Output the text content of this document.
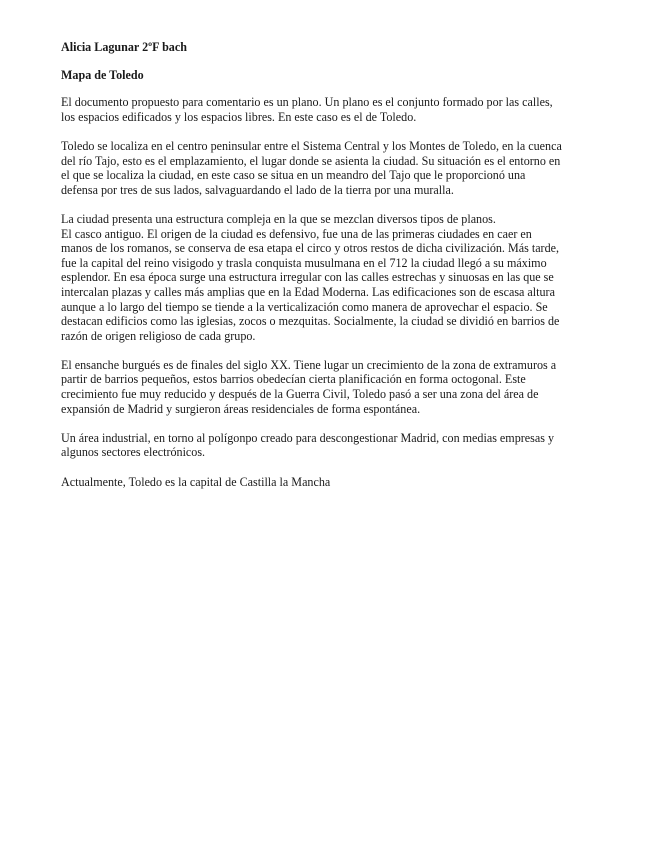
Alicia Lagunar 2ºF bach
Mapa de Toledo
El documento propuesto para comentario es un plano. Un plano es el conjunto formado por las calles,
los espacios edificados y los espacios libres. En este caso es el de Toledo.
Toledo se localiza en el centro peninsular entre el Sistema Central y los Montes de Toledo, en la cuenca
del río Tajo, esto es el emplazamiento, el lugar donde se asienta la ciudad. Su situación es el entorno en
el que se localiza la ciudad, en este caso se situa en un meandro del Tajo que le proporcionó una
defensa por tres de sus lados, salvaguardando el lado de la tierra por una muralla.
La ciudad presenta una estructura compleja en la que se mezclan diversos tipos de planos.
El casco antiguo. El origen de la ciudad es defensivo, fue una de las primeras ciudades en caer en
manos de los romanos, se conserva de esa etapa el circo y otros restos de dicha civilización. Más tarde,
fue la capital del reino visigodo y trasla conquista musulmana en el 712 la ciudad llegó a su máximo
esplendor. En esa época surge una estructura irregular con las calles estrechas y sinuosas en las que se
intercalan plazas y calles más amplias que en la Edad Moderna. Las edificaciones son de escasa altura
aunque a lo largo del tiempo se tiende a la verticalización como manera de aprovechar el espacio. Se
destacan edificios como las iglesias, zocos o mezquitas. Socialmente, la ciudad se dividió en barrios de
razón de origen religioso de cada grupo.
El ensanche burgués es de finales del siglo XX. Tiene lugar un crecimiento de la zona de extramuros a
partir de barrios pequeños, estos barrios obedecían cierta planificación en forma octogonal. Este
crecimiento fue muy reducido y después de la Guerra Civil, Toledo pasó a ser una zona del área de
expansión de Madrid y surgieron áreas residenciales de forma espontánea.
Un área industrial, en torno al polígonpo creado para descongestionar Madrid, con medias empresas y
algunos sectores electrónicos.
Actualmente, Toledo es la capital de Castilla la Mancha
